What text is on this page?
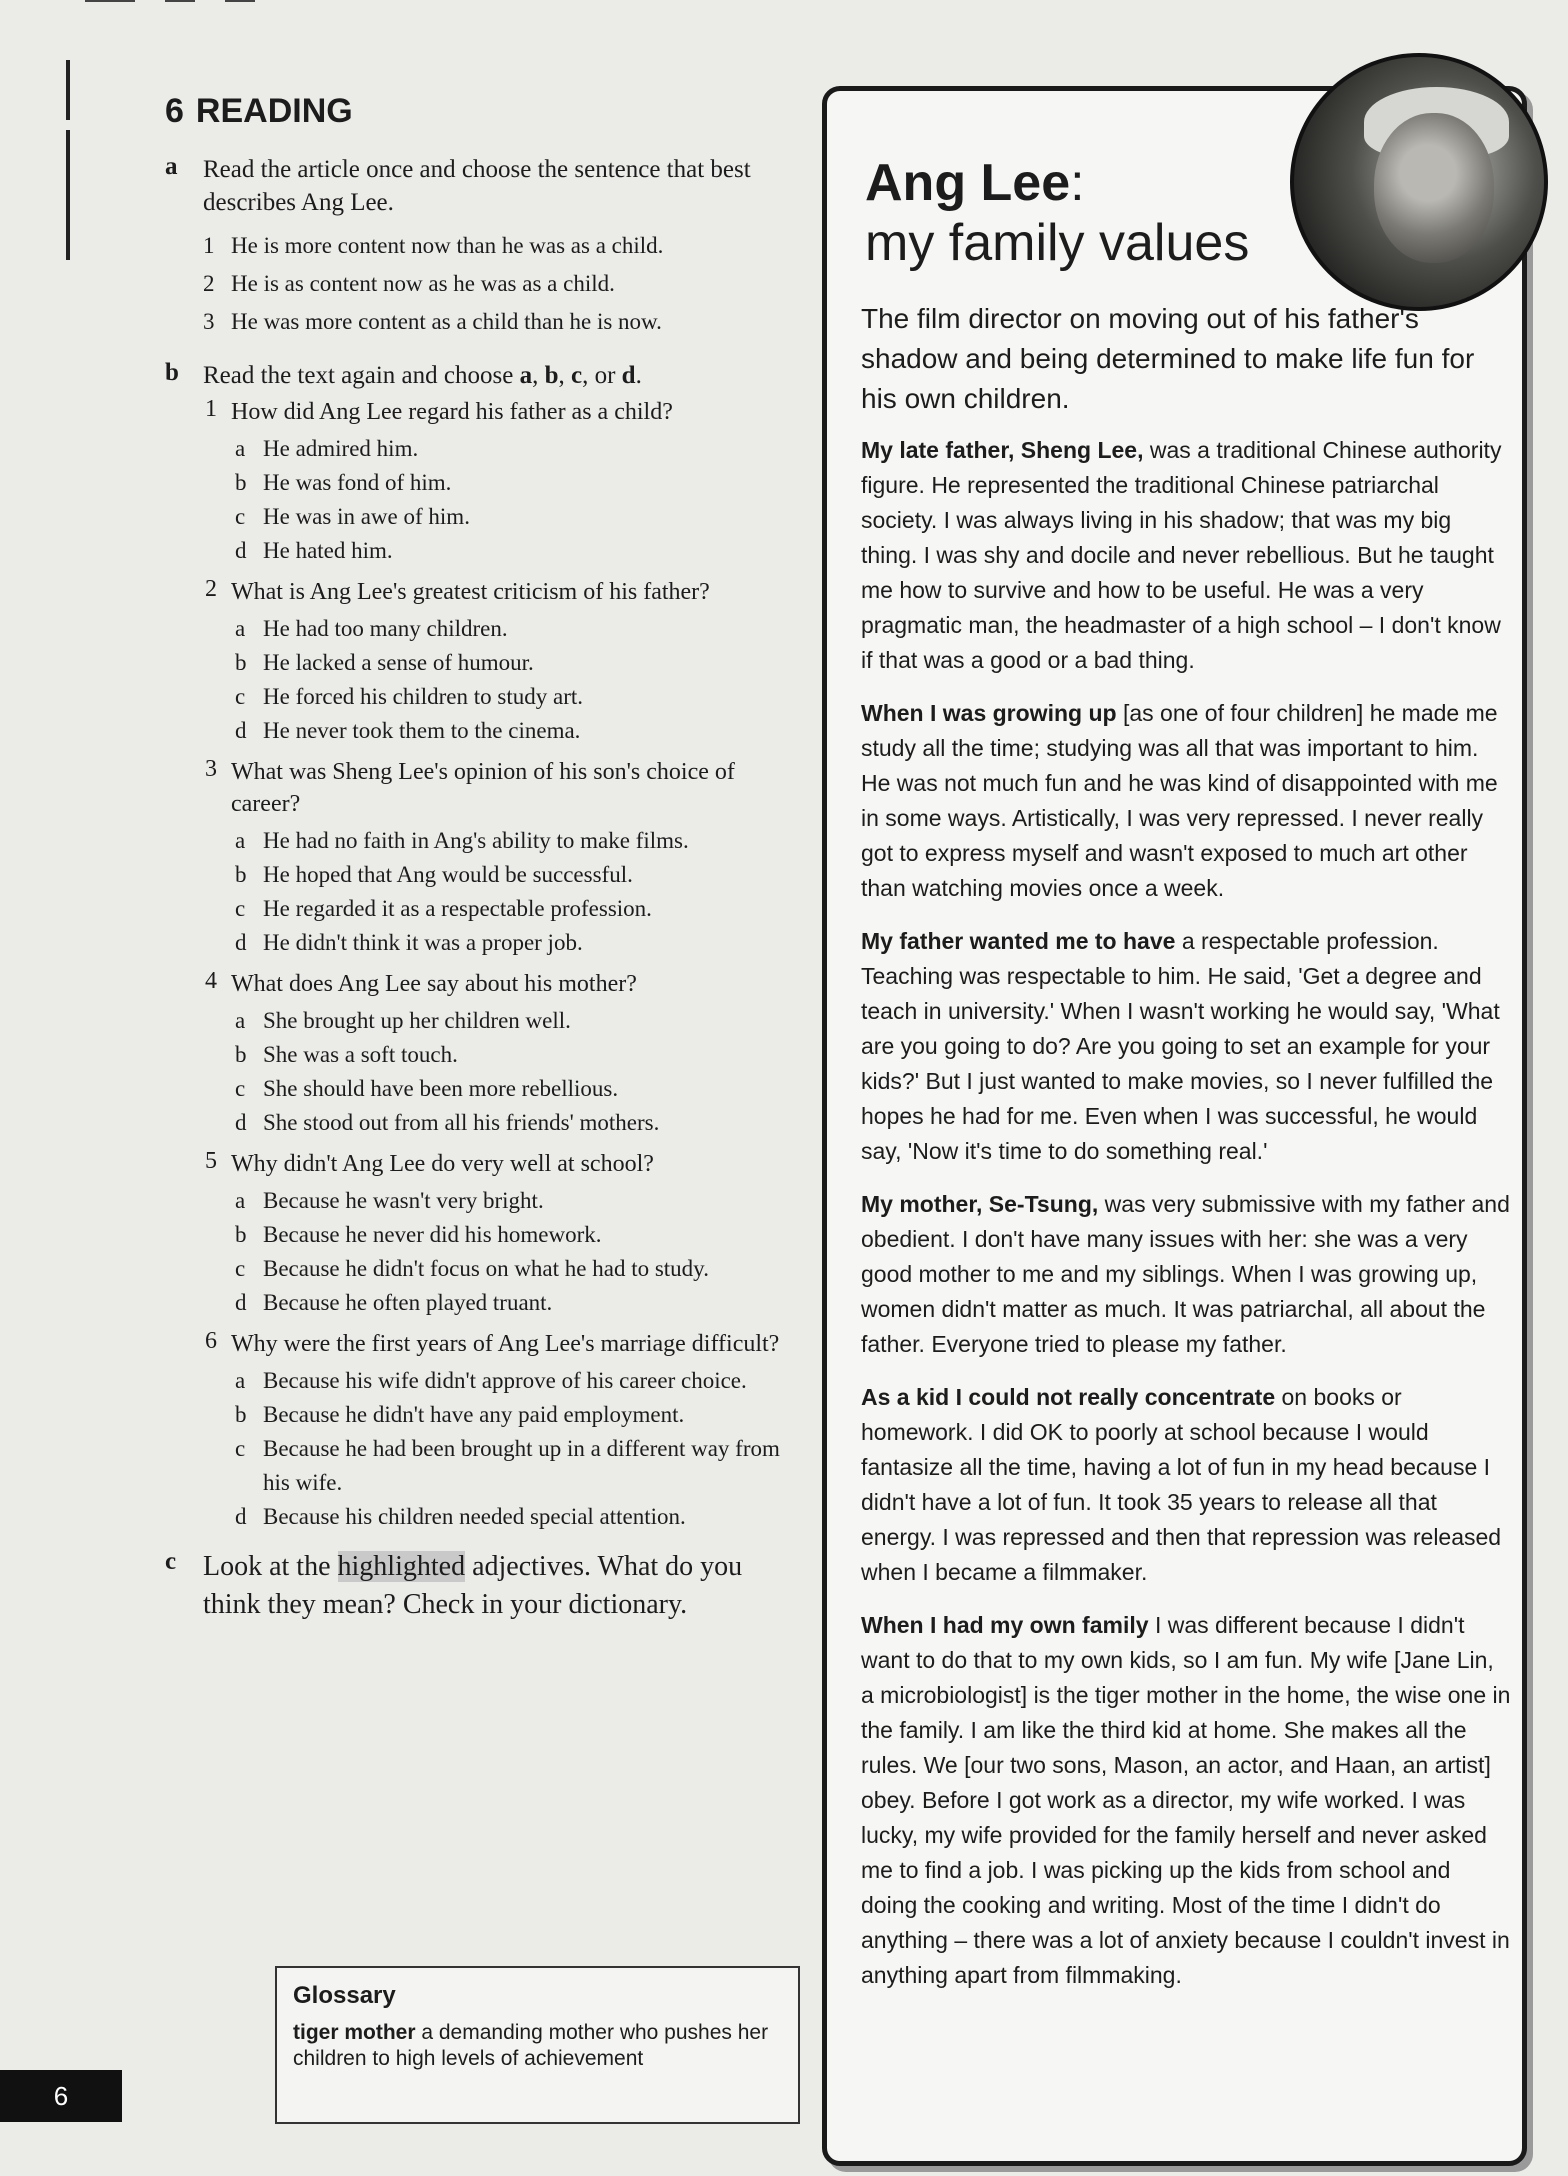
6 READING
a Read the article once and choose the sentence that best describes Ang Lee.
1 He is more content now than he was as a child.
2 He is as content now as he was as a child.
3 He was more content as a child than he is now.
b Read the text again and choose a, b, c, or d.
1 How did Ang Lee regard his father as a child?
a He admired him.
b He was fond of him.
c He was in awe of him.
d He hated him.
2 What is Ang Lee's greatest criticism of his father?
a He had too many children.
b He lacked a sense of humour.
c He forced his children to study art.
d He never took them to the cinema.
3 What was Sheng Lee's opinion of his son's choice of career?
a He had no faith in Ang's ability to make films.
b He hoped that Ang would be successful.
c He regarded it as a respectable profession.
d He didn't think it was a proper job.
4 What does Ang Lee say about his mother?
a She brought up her children well.
b She was a soft touch.
c She should have been more rebellious.
d She stood out from all his friends' mothers.
5 Why didn't Ang Lee do very well at school?
a Because he wasn't very bright.
b Because he never did his homework.
c Because he didn't focus on what he had to study.
d Because he often played truant.
6 Why were the first years of Ang Lee's marriage difficult?
a Because his wife didn't approve of his career choice.
b Because he didn't have any paid employment.
c Because he had been brought up in a different way from his wife.
d Because his children needed special attention.
c Look at the highlighted adjectives. What do you think they mean? Check in your dictionary.
Glossary
tiger mother a demanding mother who pushes her children to high levels of achievement
6
Ang Lee:
my family values
The film director on moving out of his father's shadow and being determined to make life fun for his own children.

My late father, Sheng Lee, was a traditional Chinese authority figure. He represented the traditional Chinese patriarchal society. I was always living in his shadow; that was my big thing. I was shy and docile and never rebellious. But he taught me how to survive and how to be useful. He was a very pragmatic man, the headmaster of a high school – I don't know if that was a good or a bad thing.

When I was growing up [as one of four children] he made me study all the time; studying was all that was important to him. He was not much fun and he was kind of disappointed with me in some ways. Artistically, I was very repressed. I never really got to express myself and wasn't exposed to much art other than watching movies once a week.

My father wanted me to have a respectable profession. Teaching was respectable to him. He said, 'Get a degree and teach in university.' When I wasn't working he would say, 'What are you going to do? Are you going to set an example for your kids?' But I just wanted to make movies, so I never fulfilled the hopes he had for me. Even when I was successful, he would say, 'Now it's time to do something real.'

My mother, Se-Tsung, was very submissive with my father and obedient. I don't have many issues with her: she was a very good mother to me and my siblings. When I was growing up, women didn't matter as much. It was patriarchal, all about the father. Everyone tried to please my father.

As a kid I could not really concentrate on books or homework. I did OK to poorly at school because I would fantasize all the time, having a lot of fun in my head because I didn't have a lot of fun. It took 35 years to release all that energy. I was repressed and then that repression was released when I became a filmmaker.

When I had my own family I was different because I didn't want to do that to my own kids, so I am fun. My wife [Jane Lin, a microbiologist] is the tiger mother in the home, the wise one in the family. I am like the third kid at home. She makes all the rules. We [our two sons, Mason, an actor, and Haan, an artist] obey. Before I got work as a director, my wife worked. I was lucky, my wife provided for the family herself and never asked me to find a job. I was picking up the kids from school and doing the cooking and writing. Most of the time I didn't do anything – there was a lot of anxiety because I couldn't invest in anything apart from filmmaking.
